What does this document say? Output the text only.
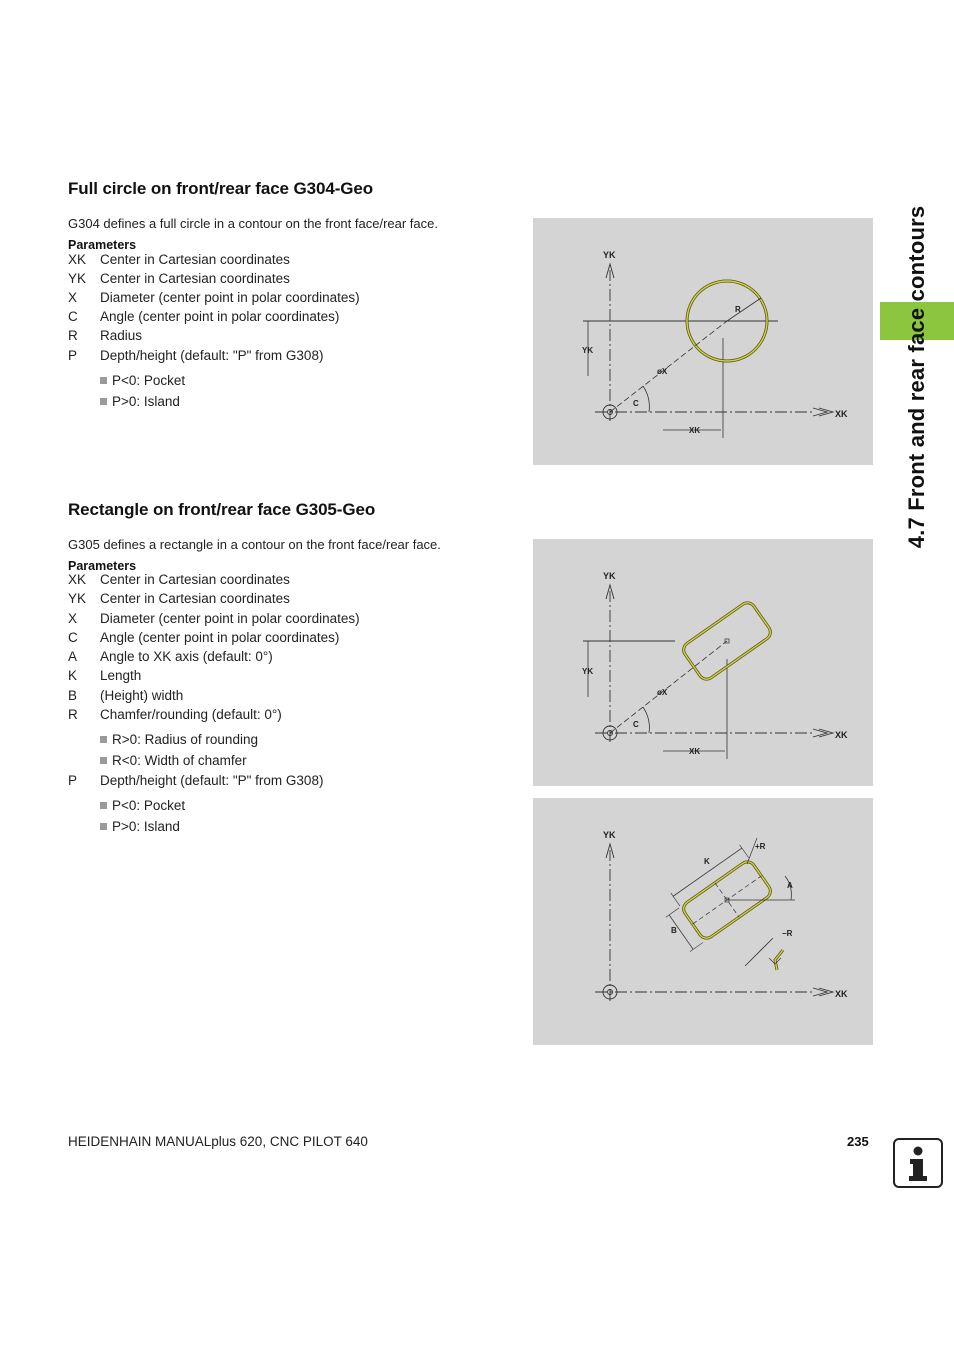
Full circle on front/rear face G304-Geo
G304 defines a full circle in a contour on the front face/rear face.
Parameters
XK Center in Cartesian coordinates
YK Center in Cartesian coordinates
X Diameter (center point in polar coordinates)
C Angle (center point in polar coordinates)
R Radius
P Depth/height (default: "P" from G308)
P<0: Pocket
P>0: Island
YK
XK
YK
XK
R
øX
C
Rectangle on front/rear face G305-Geo
G305 defines a rectangle in a contour on the front face/rear face.
Parameters
XK Center in Cartesian coordinates
YK Center in Cartesian coordinates
X Diameter (center point in polar coordinates)
C Angle (center point in polar coordinates)
A Angle to XK axis (default: 0°)
K Length
B (Height) width
R Chamfer/rounding (default: 0°)
R>0: Radius of rounding
R<0: Width of chamfer
P Depth/height (default: "P" from G308)
P<0: Pocket
P>0: Island
YK
XK
YK
XK
øX
C
YK
XK
K
B
A
+R
−R
4.7 Front and rear face contours
HEIDENHAIN MANUALplus 620, CNC PILOT 640	235
